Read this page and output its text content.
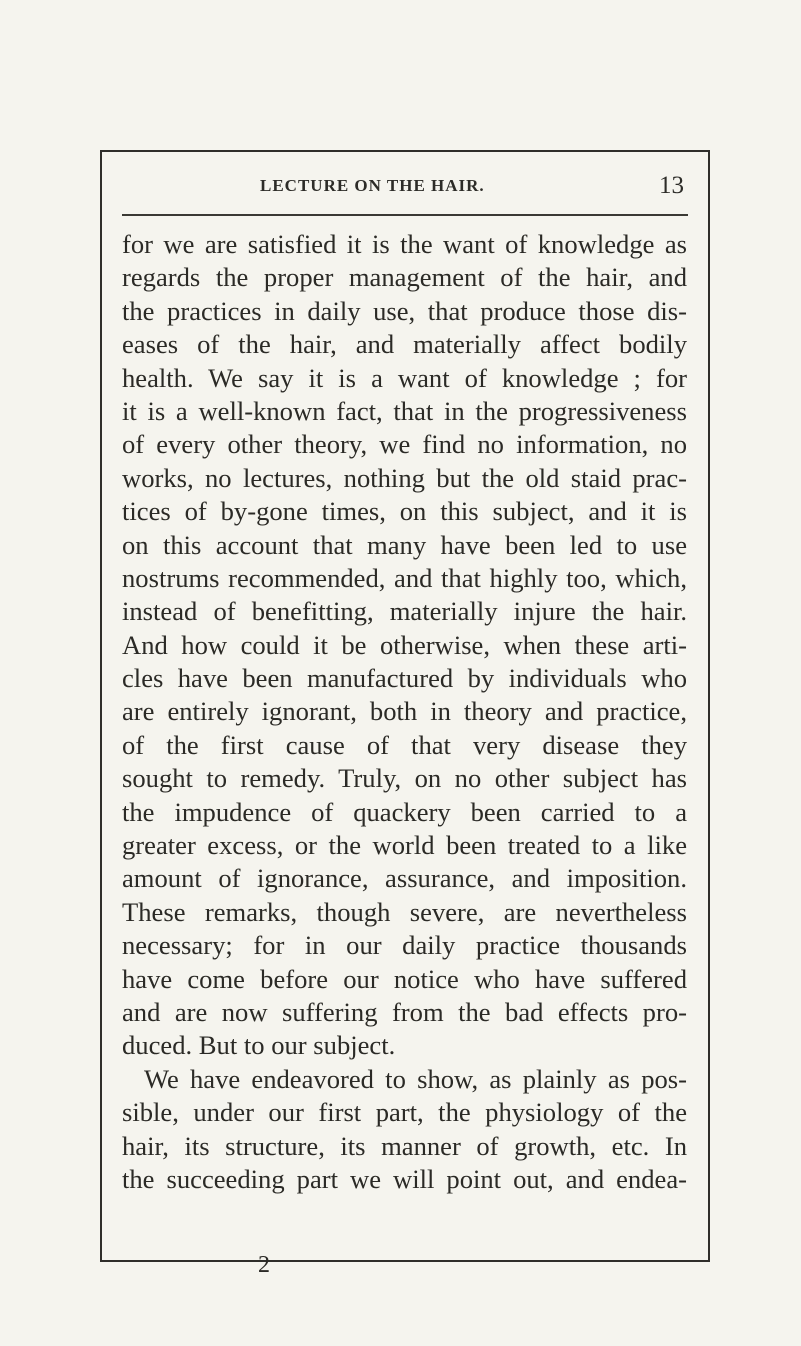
LECTURE ON THE HAIR.	13
for we are satisfied it is the want of knowledge as
regards the proper management of the hair, and
the practices in daily use, that produce those dis-
eases of the hair, and materially affect bodily
health. We say it is a want of knowledge ; for
it is a well-known fact, that in the progressiveness
of every other theory, we find no information, no
works, no lectures, nothing but the old staid prac-
tices of by-gone times, on this subject, and it is
on this account that many have been led to use
nostrums recommended, and that highly too, which,
instead of benefitting, materially injure the hair.
And how could it be otherwise, when these arti-
cles have been manufactured by individuals who
are entirely ignorant, both in theory and practice,
of the first cause of that very disease they
sought to remedy. Truly, on no other subject has
the impudence of quackery been carried to a
greater excess, or the world been treated to a like
amount of ignorance, assurance, and imposition.
These remarks, though severe, are nevertheless
necessary; for in our daily practice thousands
have come before our notice who have suffered
and are now suffering from the bad effects pro-
duced. But to our subject.
We have endeavored to show, as plainly as pos-
sible, under our first part, the physiology of the
hair, its structure, its manner of growth, etc. In
the succeeding part we will point out, and endea-
2
